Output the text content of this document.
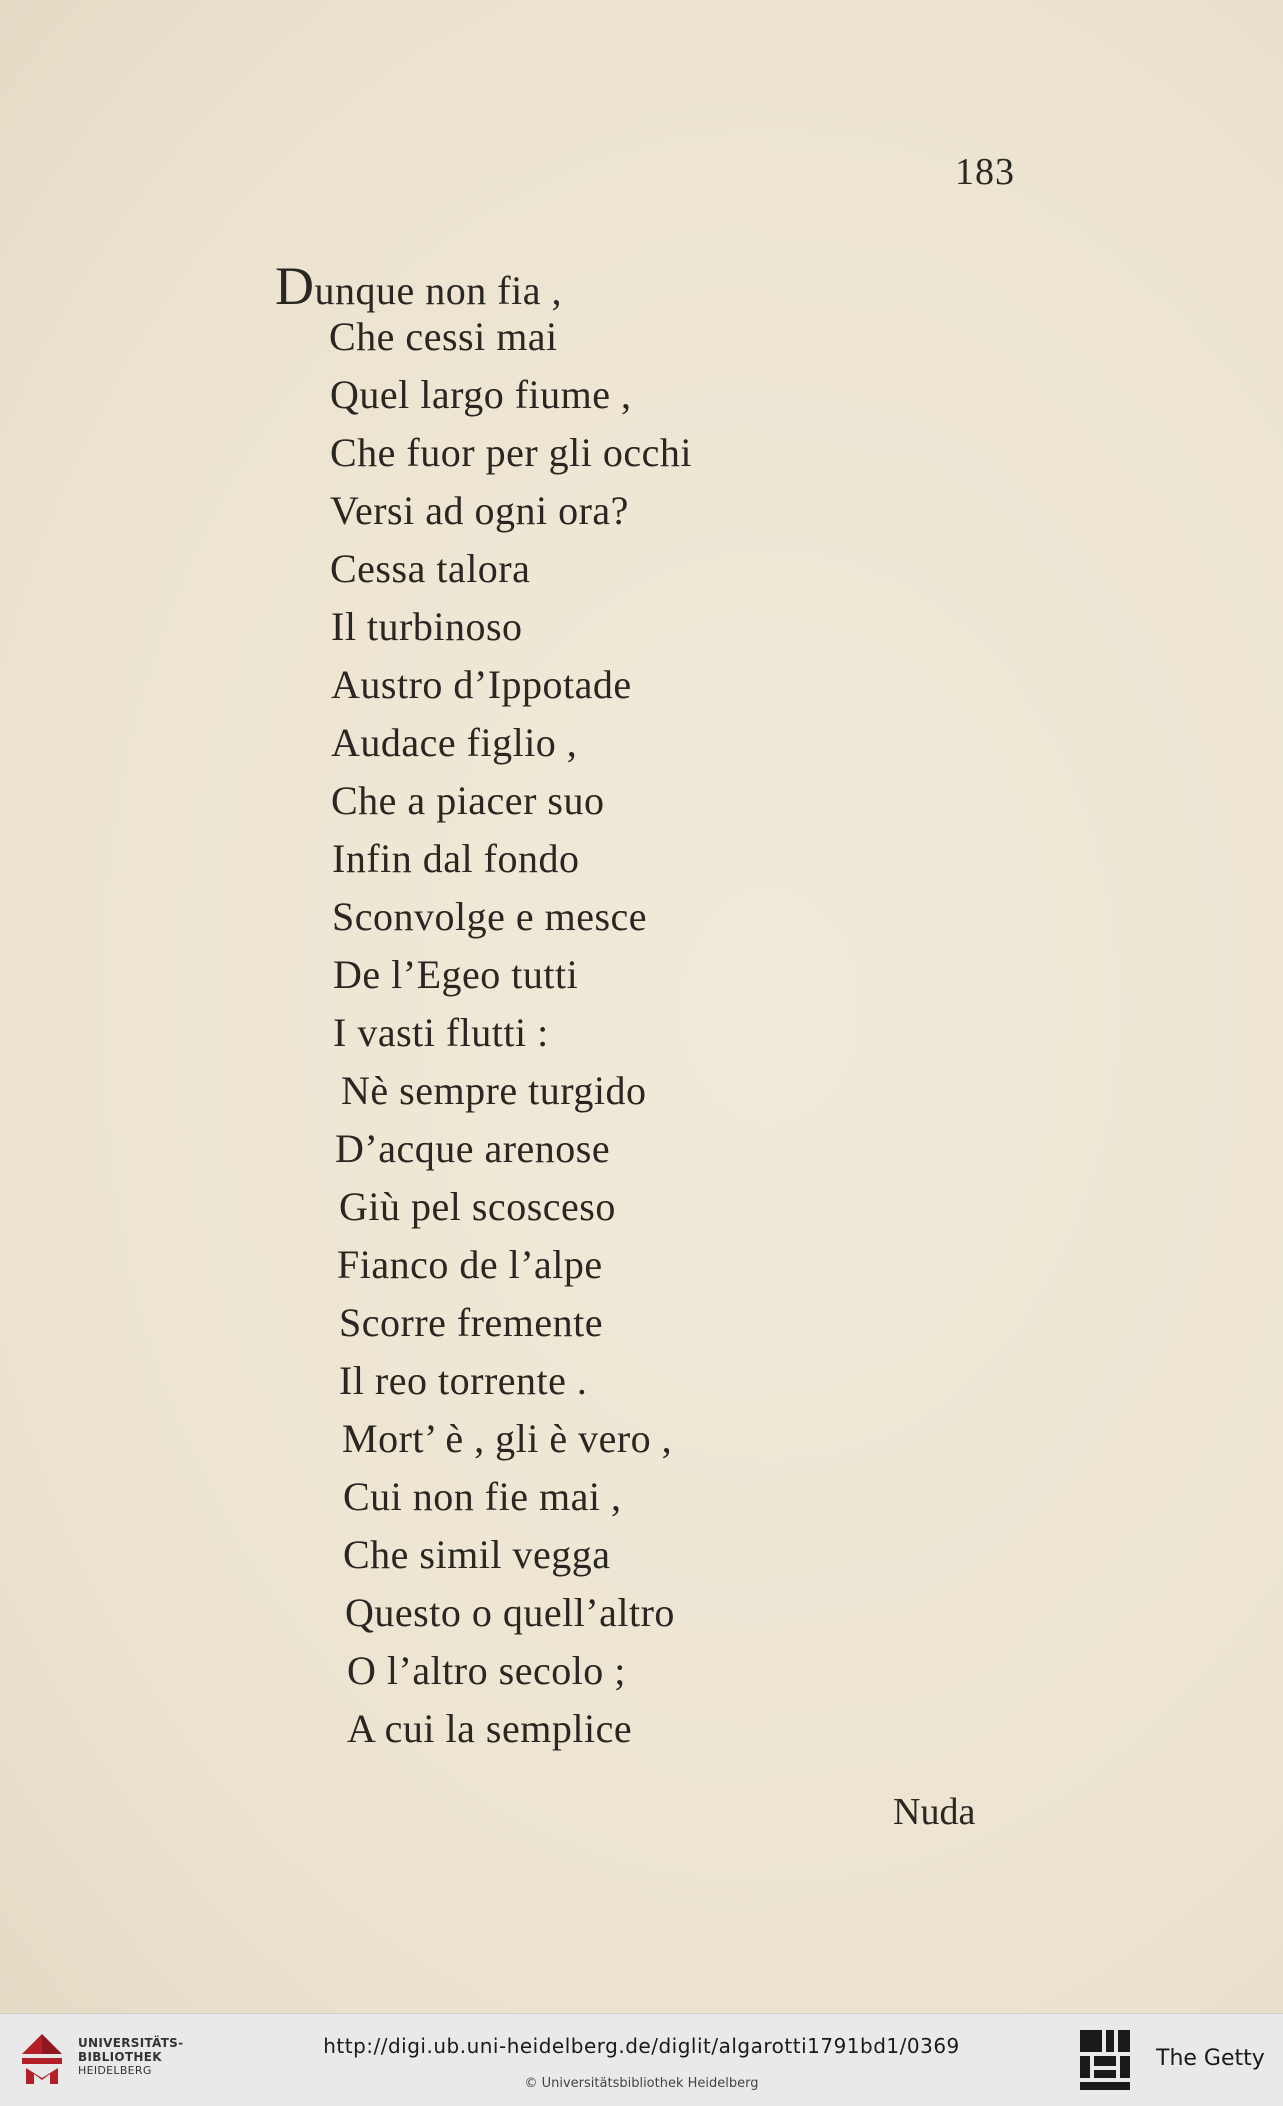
183
Dunque non fia ,
Che cessi mai
Quel largo fiume ,
Che fuor per gli occhi
Versi ad ogni ora?
Cessa talora
Il turbinoso
Austro d’Ippotade
Audace figlio ,
Che a piacer suo
Infin dal fondo
Sconvolge e mesce
De l’Egeo tutti
I vasti flutti :
Nè sempre turgido
D’acque arenose
Giù pel scosceso
Fianco de l’alpe
Scorre fremente
Il reo torrente .
Mort’ è , gli è vero ,
Cui non fie mai ,
Che simil vegga
Questo o quell’altro
O l’altro secolo ;
A cui la semplice
Nuda
UNIVERSITÄTS-
BIBLIOTHEK
HEIDELBERG
http://digi.ub.uni-heidelberg.de/diglit/algarotti1791bd1/0369
© Universitätsbibliothek Heidelberg
The Getty
